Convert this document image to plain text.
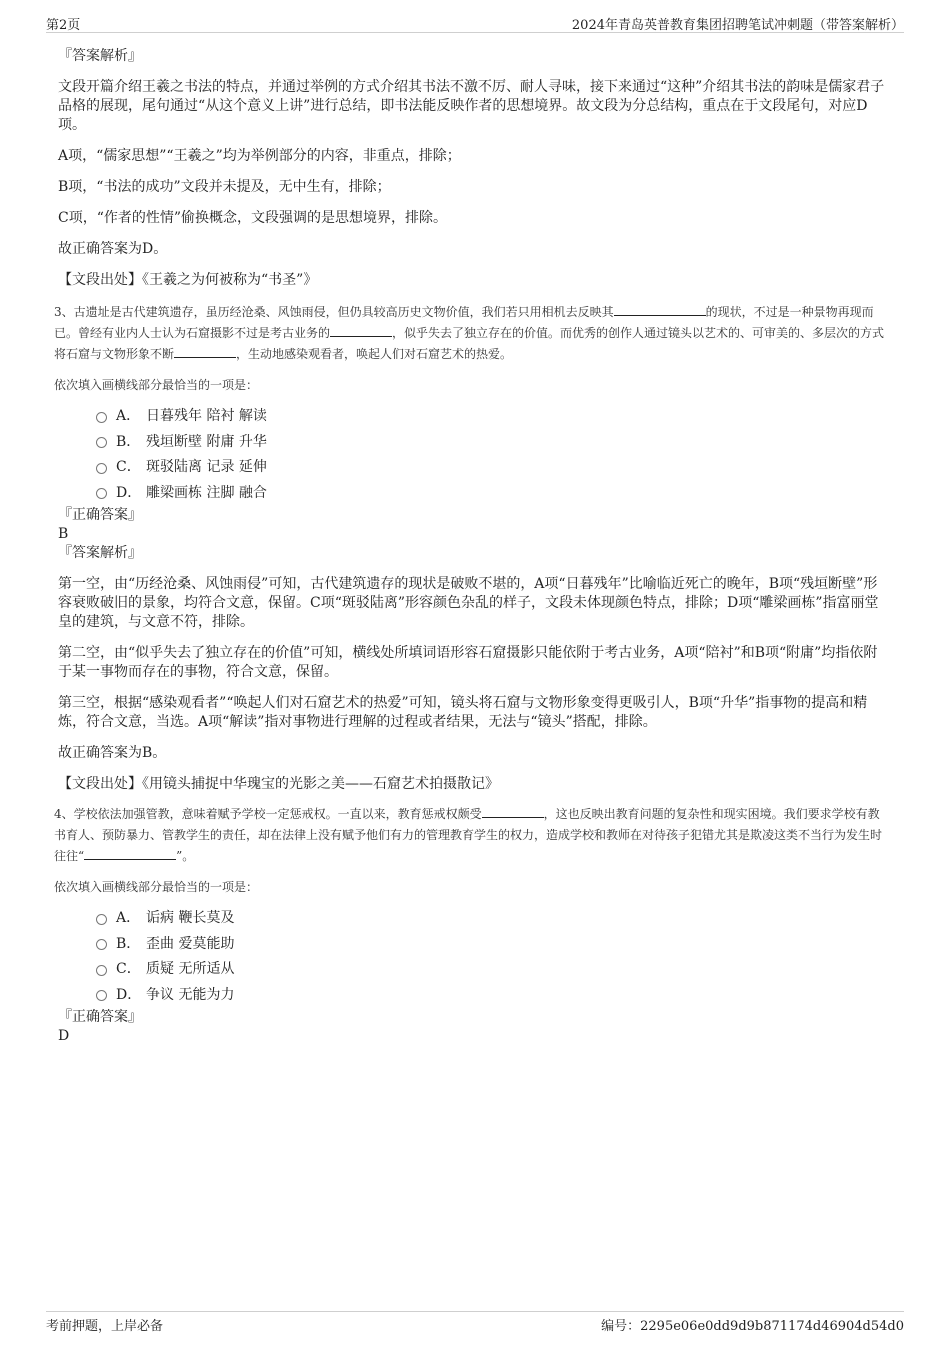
第2页	2024年青岛英普教育集团招聘笔试冲刺题（带答案解析）

『答案解析』

文段开篇介绍王羲之书法的特点，并通过举例的方式介绍其书法不激不厉、耐人寻味，接下来通过“这种”介绍其书法的韵味是儒家君子品格的展现，尾句通过“从这个意义上讲”进行总结，即书法能反映作者的思想境界。故文段为分总结构，重点在于文段尾句，对应D项。

A项，“儒家思想”“王羲之”均为举例部分的内容，非重点，排除；

B项，“书法的成功”文段并未提及，无中生有，排除；

C项，“作者的性情”偷换概念，文段强调的是思想境界，排除。

故正确答案为D。

【文段出处】《王羲之为何被称为“书圣”》

3、古遗址是古代建筑遗存，虽历经沧桑、风蚀雨侵，但仍具较高历史文物价值，我们若只用相机去反映其	的现状，不过是一种景物再现而已。曾经有业内人士认为石窟摄影不过是考古业务的	，似乎失去了独立存在的价值。而优秀的创作人通过镜头以艺术的、可审美的、多层次的方式将石窟与文物形象不断	，生动地感染观看者，唤起人们对石窟艺术的热爱。

依次填入画横线部分最恰当的一项是：

A． 日暮残年 陪衬 解读
B． 残垣断壁 附庸 升华
C． 斑驳陆离 记录 延伸
D． 雕梁画栋 注脚 融合

『正确答案』

B

『答案解析』

第一空，由“历经沧桑、风蚀雨侵”可知，古代建筑遗存的现状是破败不堪的，A项“日暮残年”比喻临近死亡的晚年，B项“残垣断壁”形容衰败破旧的景象，均符合文意，保留。C项“斑驳陆离”形容颜色杂乱的样子，文段未体现颜色特点，排除；D项“雕梁画栋”指富丽堂皇的建筑，与文意不符，排除。

第二空，由“似乎失去了独立存在的价值”可知，横线处所填词语形容石窟摄影只能依附于考古业务，A项“陪衬”和B项“附庸”均指依附于某一事物而存在的事物，符合文意，保留。

第三空，根据“感染观看者”“唤起人们对石窟艺术的热爱”可知，镜头将石窟与文物形象变得更吸引人，B项“升华”指事物的提高和精炼，符合文意，当选。A项“解读”指对事物进行理解的过程或者结果，无法与“镜头”搭配，排除。

故正确答案为B。

【文段出处】《用镜头捕捉中华瑰宝的光影之美——石窟艺术拍摄散记》

4、学校依法加强管教，意味着赋予学校一定惩戒权。一直以来，教育惩戒权颇受	，这也反映出教育问题的复杂性和现实困境。我们要求学校有教书育人、预防暴力、管教学生的责任，却在法律上没有赋予他们有力的管理教育学生的权力，造成学校和教师在对待孩子犯错尤其是欺凌这类不当行为发生时往往“	”。

依次填入画横线部分最恰当的一项是：

A． 诟病 鞭长莫及
B． 歪曲 爱莫能助
C． 质疑 无所适从
D． 争议 无能为力

『正确答案』

D

考前押题，上岸必备	编号：2295e06e0dd9d9b871174d46904d54d0
